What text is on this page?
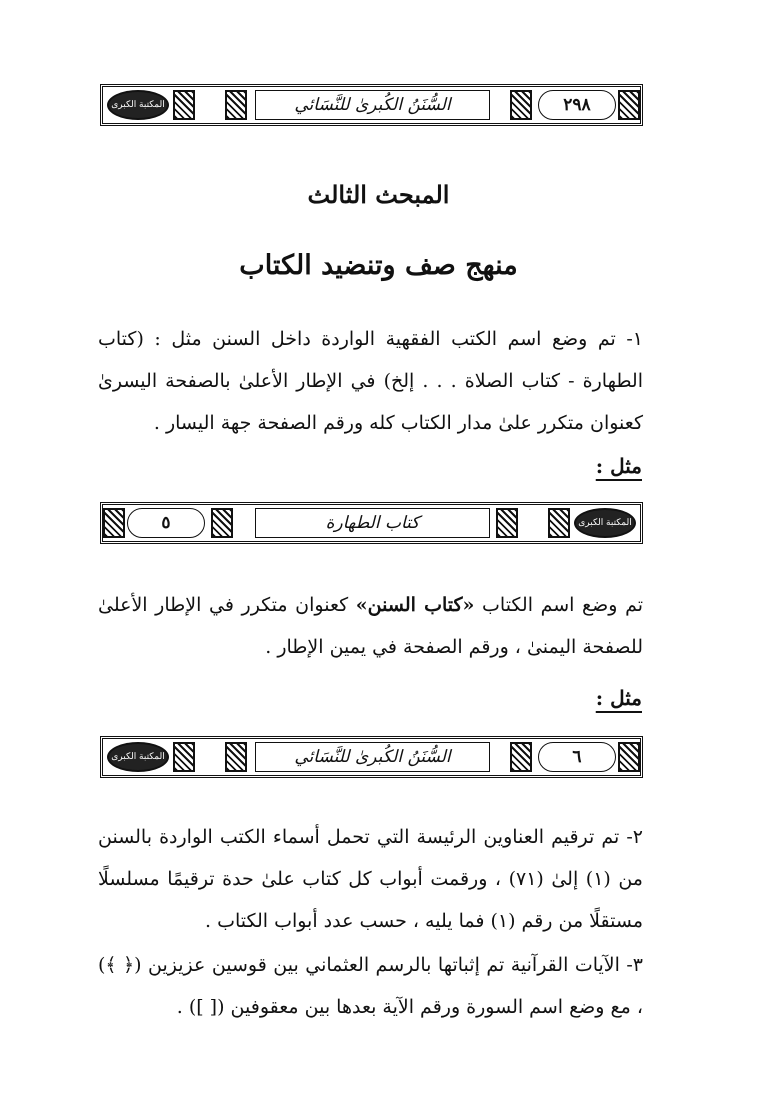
المكتبة الكبرى	السُّنَنُ الكُبرىٰ للنَّسَائي	٢٩٨
المبحث الثالث
منهج صف وتنضيد الكتاب

١- تم وضع اسم الكتب الفقهية الواردة داخل السنن مثل : (كتاب الطهارة - كتاب الصلاة . . . إلخ) في الإطار الأعلىٰ بالصفحة اليسرىٰ كعنوان متكرر علىٰ مدار الكتاب كله ورقم الصفحة جهة اليسار .

مثل :
٥	كتاب الطهارة	المكتبة الكبرى

تم وضع اسم الكتاب «كتاب السنن» كعنوان متكرر في الإطار الأعلىٰ للصفحة اليمنىٰ ، ورقم الصفحة في يمين الإطار .

مثل :
المكتبة الكبرى	السُّنَنُ الكُبرىٰ للنَّسَائي	٦

٢- تم ترقيم العناوين الرئيسة التي تحمل أسماء الكتب الواردة بالسنن من (١) إلىٰ (٧١) ، ورقمت أبواب كل كتاب علىٰ حدة ترقيمًا مسلسلًا مستقلًا من رقم (١) فما يليه ، حسب عدد أبواب الكتاب .

٣- الآيات القرآنية تم إثباتها بالرسم العثماني بين قوسين عزيزين (﴿ ﴾) ، مع وضع اسم السورة ورقم الآية بعدها بين معقوفين ([ ]) .
